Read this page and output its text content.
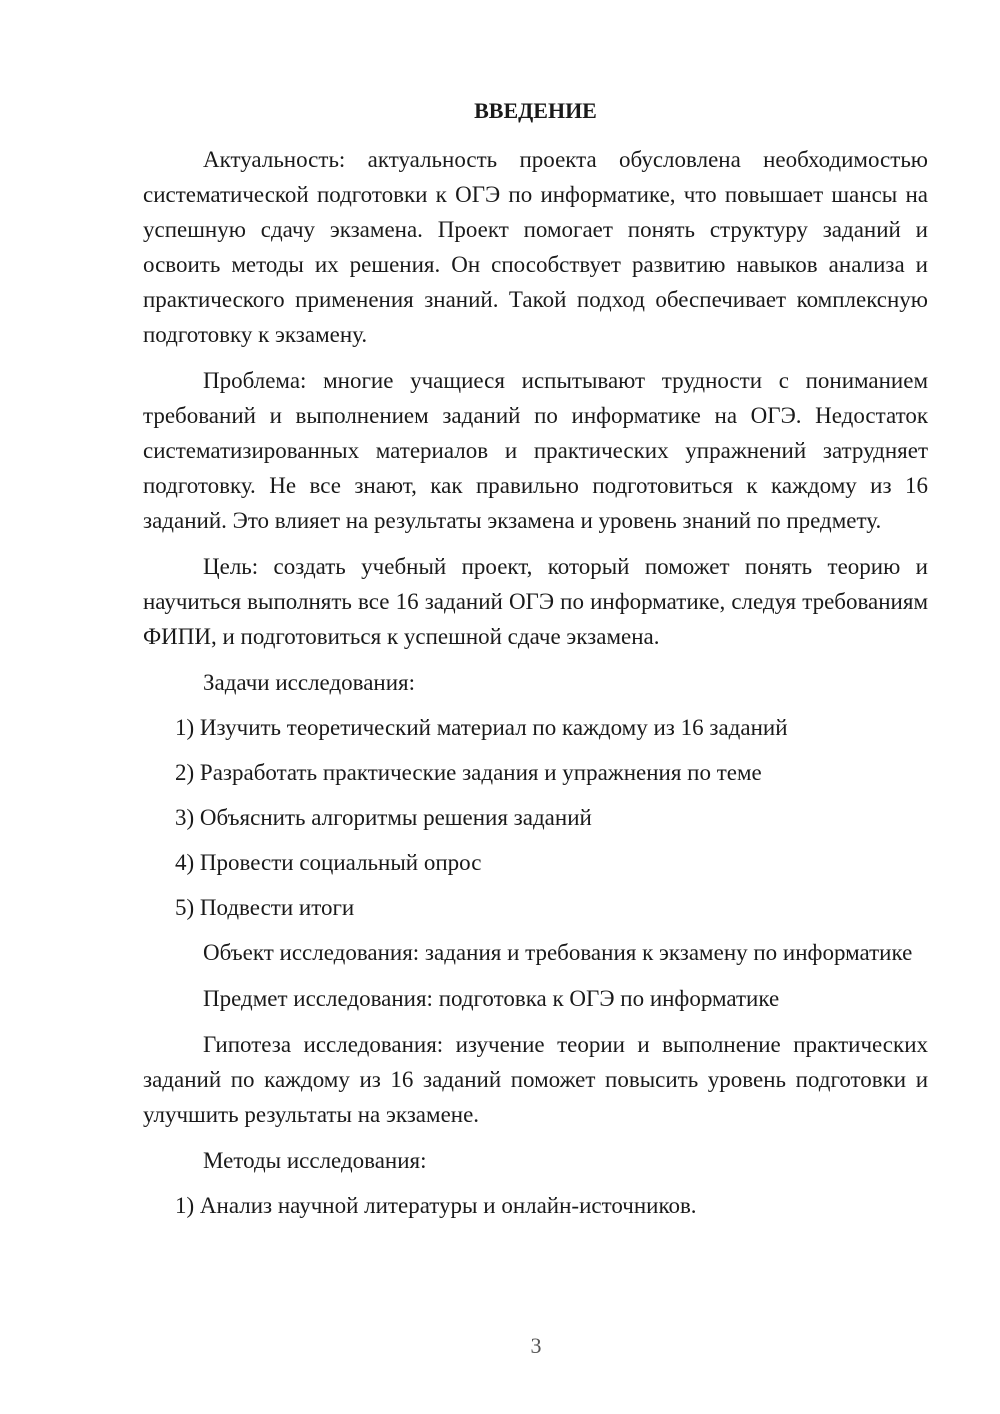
ВВЕДЕНИЕ

Актуальность: актуальность проекта обусловлена необходимостью систематической подготовки к ОГЭ по информатике, что повышает шансы на успешную сдачу экзамена. Проект помогает понять структуру заданий и освоить методы их решения. Он способствует развитию навыков анализа и практического применения знаний. Такой подход обеспечивает комплексную подготовку к экзамену.

Проблема: многие учащиеся испытывают трудности с пониманием требований и выполнением заданий по информатике на ОГЭ. Недостаток систематизированных материалов и практических упражнений затрудняет подготовку. Не все знают, как правильно подготовиться к каждому из 16 заданий. Это влияет на результаты экзамена и уровень знаний по предмету.

Цель: создать учебный проект, который поможет понять теорию и научиться выполнять все 16 заданий ОГЭ по информатике, следуя требованиям ФИПИ, и подготовиться к успешной сдаче экзамена.

Задачи исследования:

1) Изучить теоретический материал по каждому из 16 заданий
2) Разработать практические задания и упражнения по теме
3) Объяснить алгоритмы решения заданий
4) Провести социальный опрос
5) Подвести итоги

Объект исследования: задания и требования к экзамену по информатике

Предмет исследования: подготовка к ОГЭ по информатике

Гипотеза исследования: изучение теории и выполнение практических заданий по каждому из 16 заданий поможет повысить уровень подготовки и улучшить результаты на экзамене.

Методы исследования:

1) Анализ научной литературы и онлайн-источников.
3
